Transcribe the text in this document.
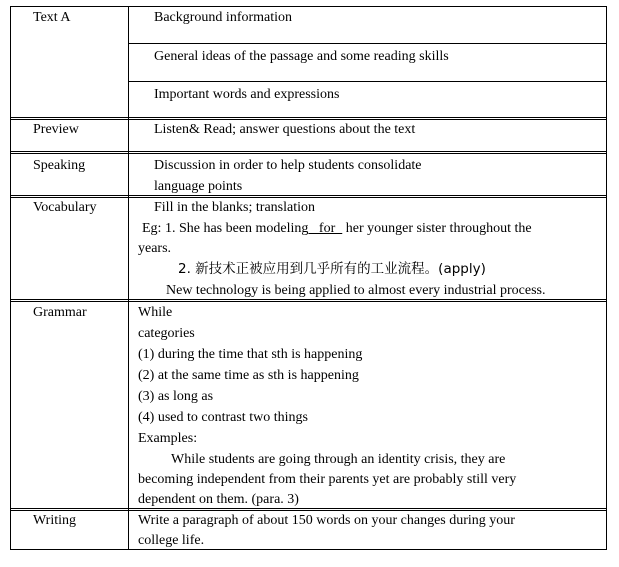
Text A	Background information
General ideas of the passage and some reading skills
Important words and expressions
Preview	Listen& Read; answer questions about the text
Speaking	Discussion in order to help students consolidate
language points
Vocabulary	Fill in the blanks; translation
Eg: 1. She has been modeling   for   her younger sister throughout the
years.
2. 新技术正被应用到几乎所有的工业流程。(apply)
New technology is being applied to almost every industrial process.
Grammar	While
categories
(1) during the time that sth is happening
(2) at the same time as sth is happening
(3) as long as
(4) used to contrast two things
Examples:
While students are going through an identity crisis, they are
becoming independent from their parents yet are probably still very
dependent on them. (para. 3)
Writing	Write a paragraph of about 150 words on your changes during your
college life.
